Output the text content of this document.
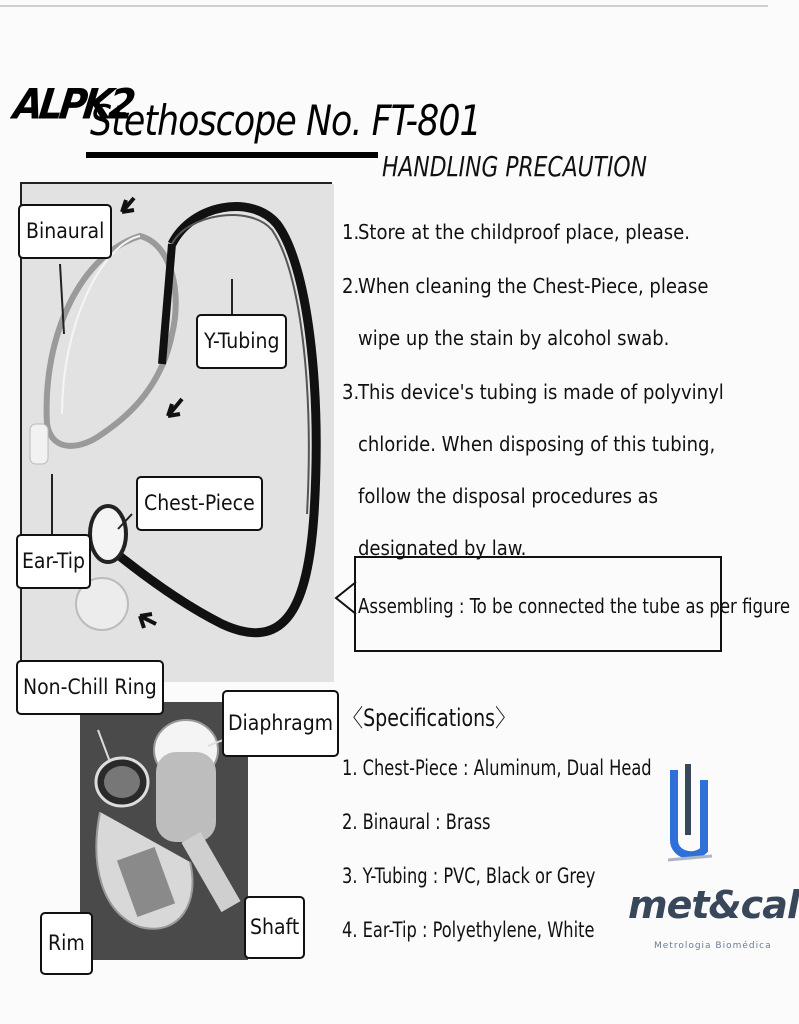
ALPK2
Stethoscope No. FT-801
HANDLING PRECAUTION
Binaural
Y-Tubing
Chest-Piece
Ear-Tip
Non-Chill Ring
Diaphragm
Rim
Shaft
1.
Store at the childproof place, please.
2.
When cleaning the Chest-Piece, please wipe up the stain by alcohol swab.
3.
This device's tubing is made of polyvinyl chloride. When disposing of this tubing, follow the disposal procedures as designated by law.
Assembling : To be connected the tube as per figure
〈Specifications〉
1. Chest-Piece : Aluminum, Dual Head
2. Binaural : Brass
3. Y-Tubing : PVC, Black or Grey
4. Ear-Tip : Polyethylene, White
met&cal
Metrologia Biomédica
